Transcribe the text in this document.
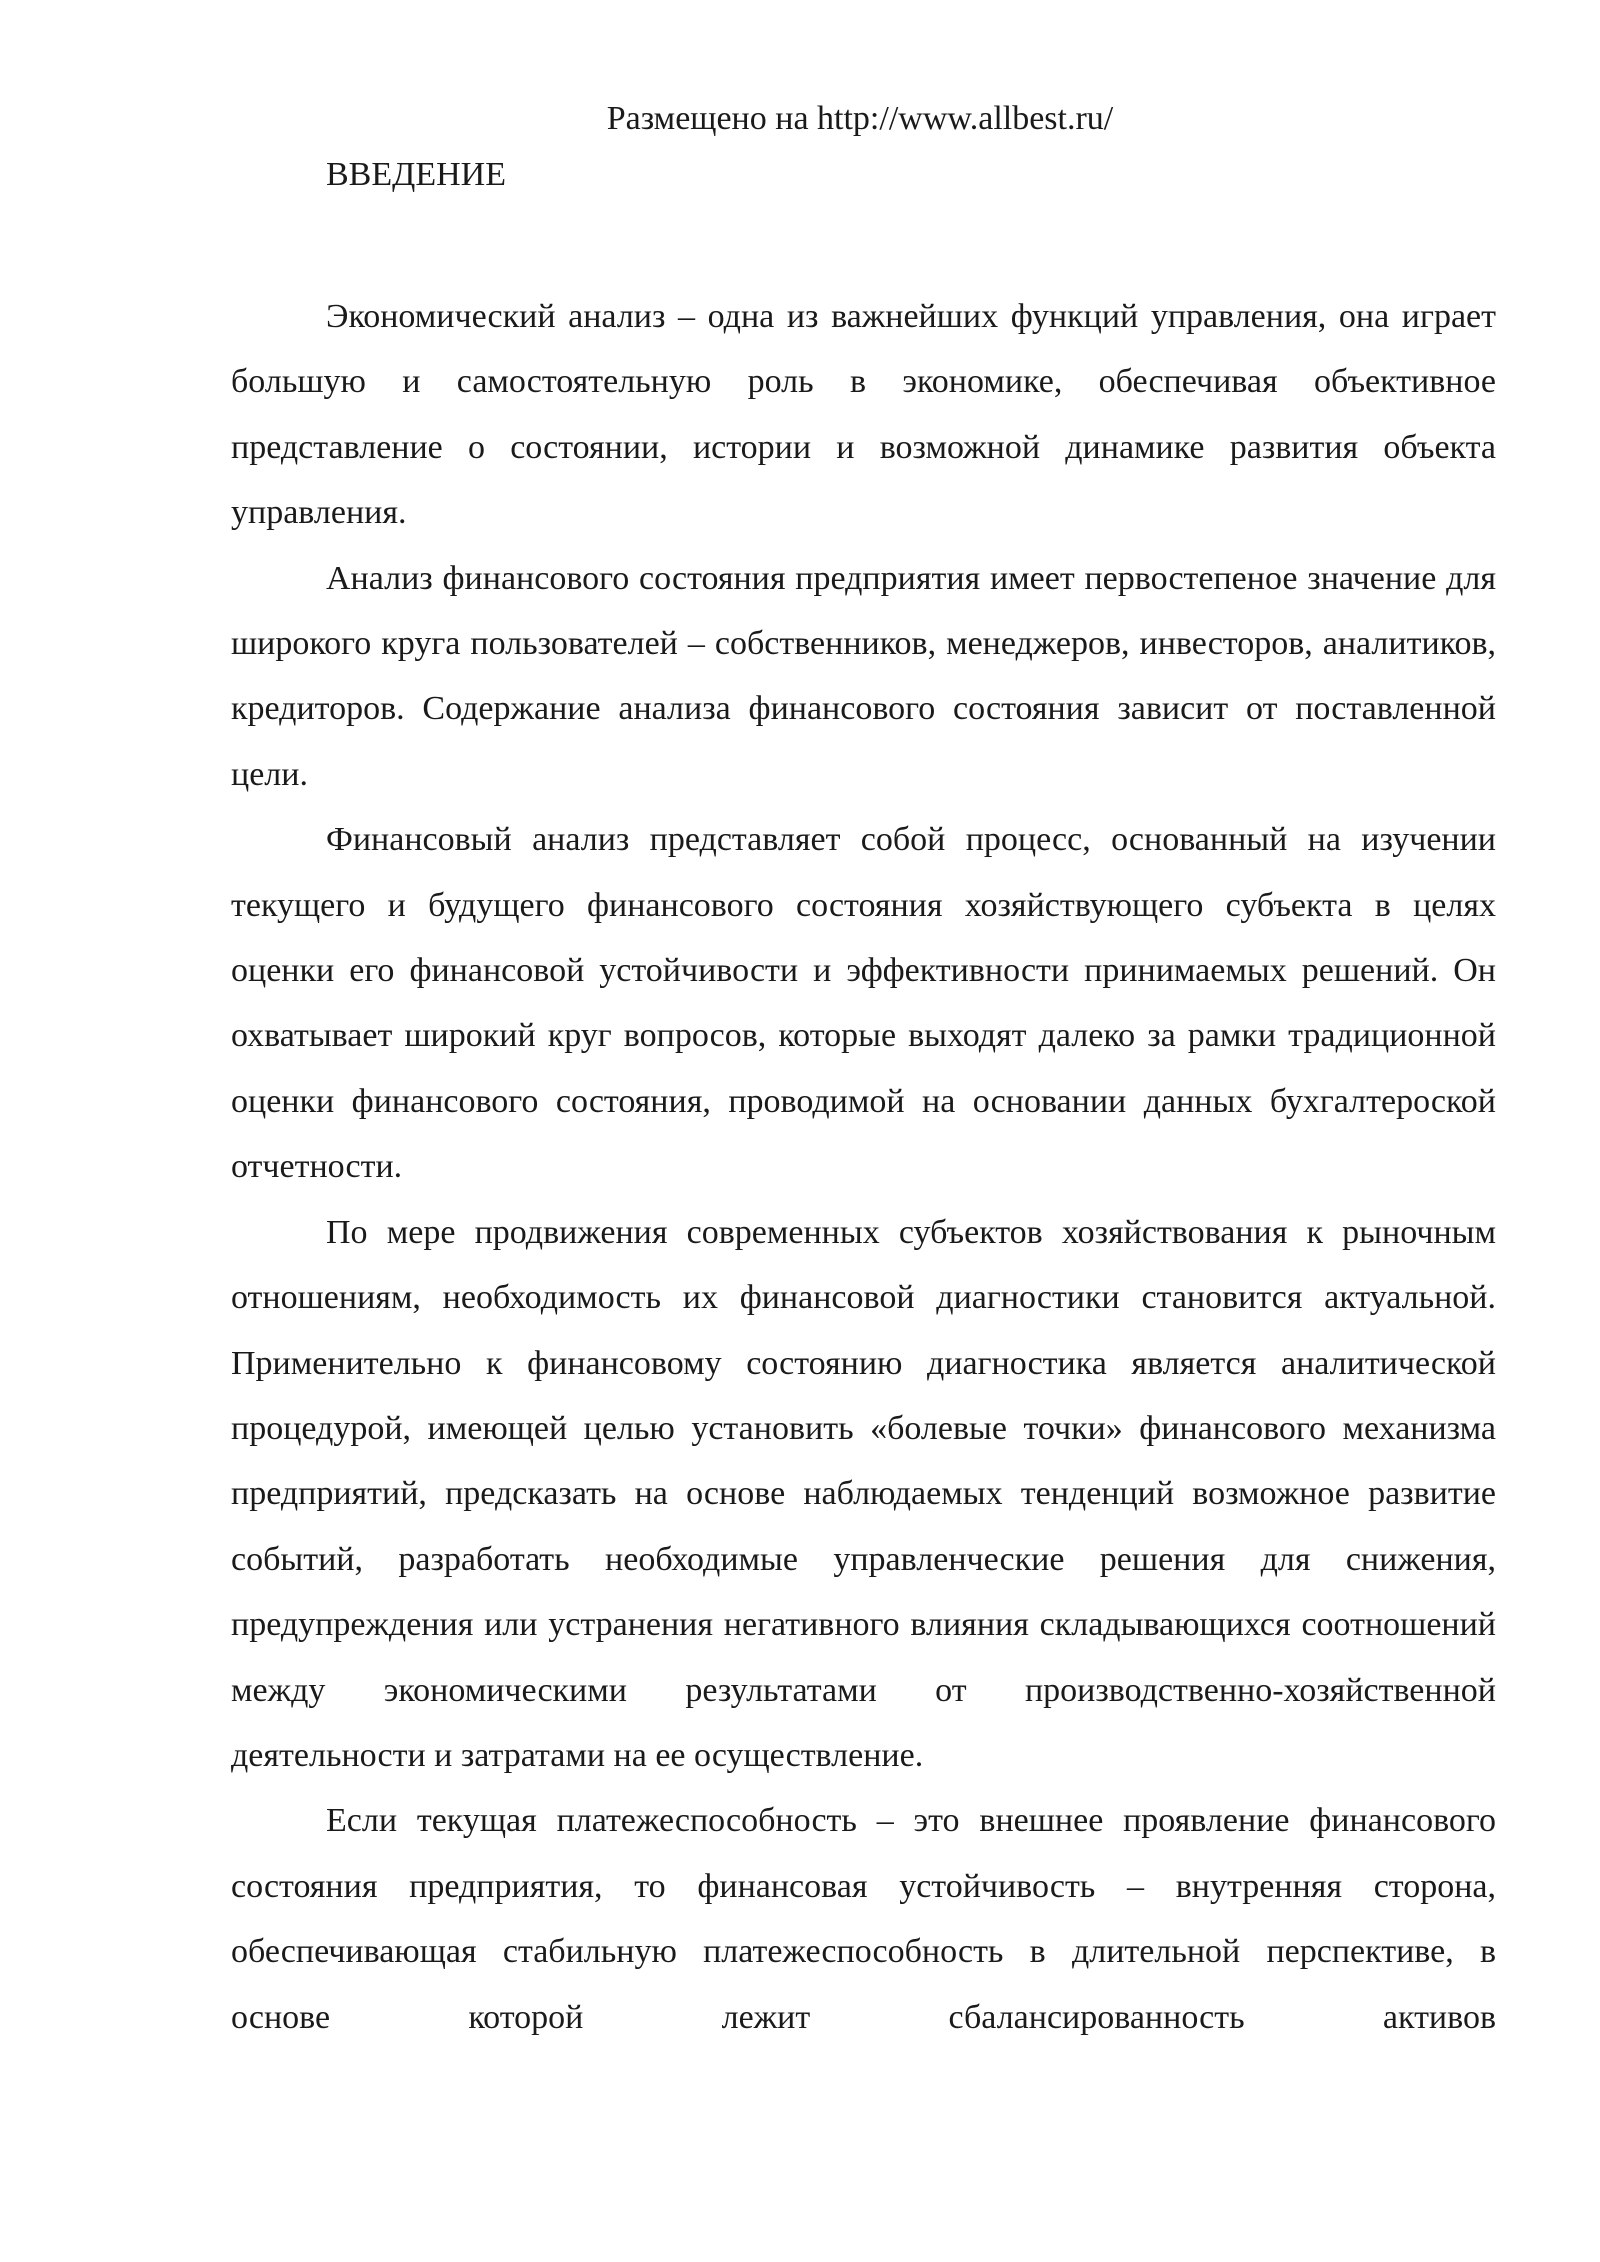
Размещено на http://www.allbest.ru/
ВВЕДЕНИЕ

Экономический анализ – одна из важнейших функций управления, она играет большую и самостоятельную роль в экономике, обеспечивая объективное представление о состоянии, истории и возможной динамике развития объекта управления.

Анализ финансового состояния предприятия имеет первостепеное значение для широкого круга пользователей – собственников, менеджеров, инвесторов, аналитиков, кредиторов. Содержание анализа финансового состояния зависит от поставленной цели.

Финансовый анализ представляет собой процесс, основанный на изучении текущего и будущего финансового состояния хозяйствующего субъекта в целях оценки его финансовой устойчивости и эффективности принимаемых решений. Он охватывает широкий круг вопросов, которые выходят далеко за рамки традиционной оценки финансового состояния, проводимой на основании данных бухгалтероской отчетности.

По мере продвижения современных субъектов хозяйствования к рыночным отношениям, необходимость их финансовой диагностики становится актуальной. Применительно к финансовому состоянию диагностика является аналитической процедурой, имеющей целью установить «болевые точки» финансового механизма предприятий, предсказать на основе наблюдаемых тенденций возможное развитие событий, разработать необходимые управленческие решения для снижения, предупреждения или устранения негативного влияния складывающихся соотношений между экономическими результатами от производственно-хозяйственной деятельности и затратами на ее осуществление.

Если текущая платежеспособность – это внешнее проявление финансового состояния предприятия, то финансовая устойчивость – внутренняя сторона, обеспечивающая стабильную платежеспособность в длительной перспективе, в основе которой лежит сбалансированность активов
